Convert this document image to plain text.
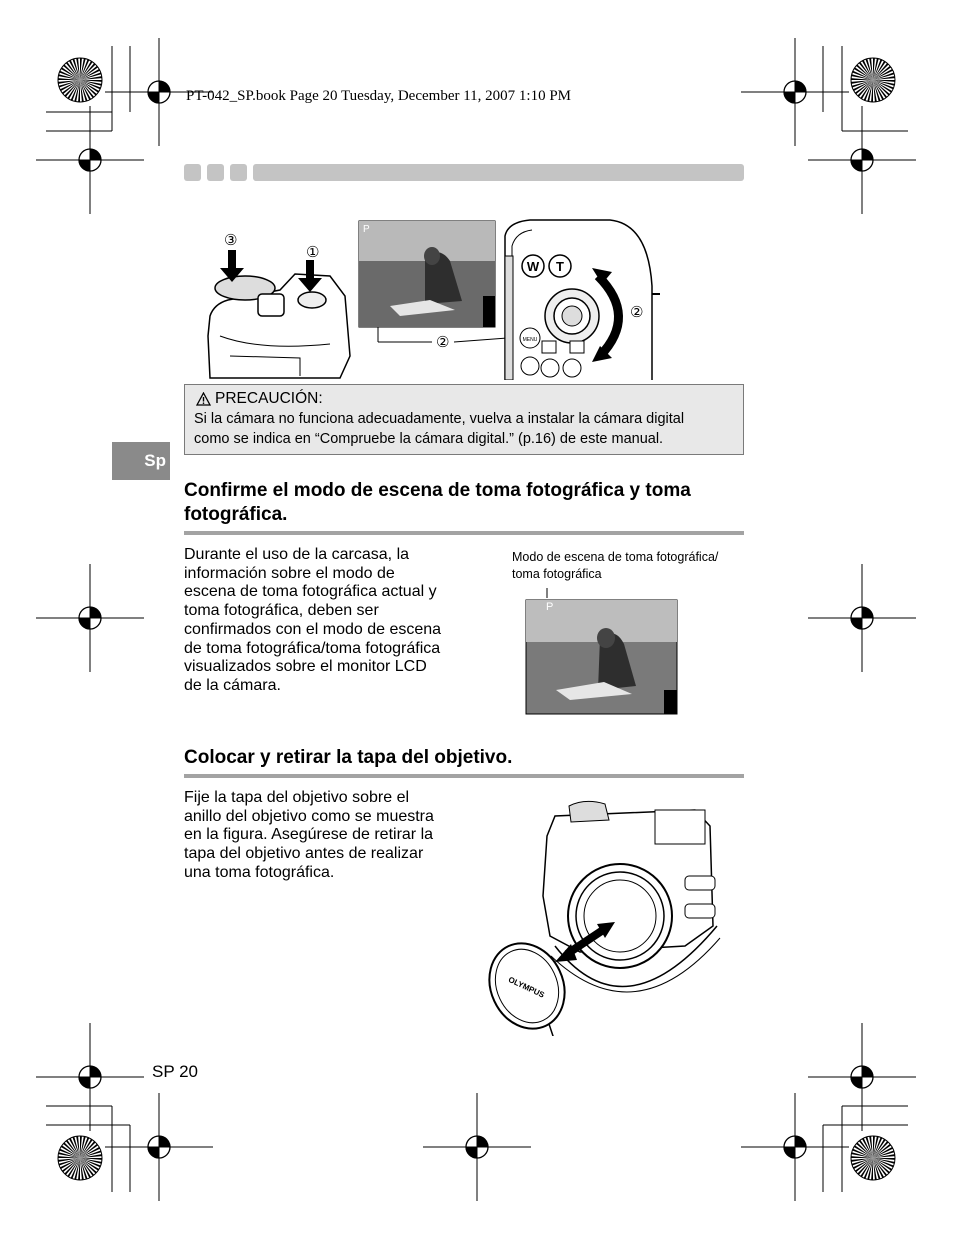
PT-042_SP.book Page 20 Tuesday, December 11, 2007 1:10 PM
③
①
P
②
W T
MENU
②
PRECAUCIÓN:
Si la cámara no funciona adecuadamente, vuelva a instalar la cámara digital
como se indica en “Compruebe la cámara digital.” (p.16) de este manual.
Sp
Confirme el modo de escena de toma fotográfica y toma
fotográfica.
Durante el uso de la carcasa, la
información sobre el modo de
escena de toma fotográfica actual y
toma fotográfica, deben ser
confirmados con el modo de escena
de toma fotográfica/toma fotográfica
visualizados sobre el monitor LCD
de la cámara.
Modo de escena de toma fotográfica/
toma fotográfica
P
Colocar y retirar la tapa del objetivo.
Fije la tapa del objetivo sobre el
anillo del objetivo como se muestra
en la figura. Asegúrese de retirar la
tapa del objetivo antes de realizar
una toma fotográfica.
OLYMPUS
SP 20
